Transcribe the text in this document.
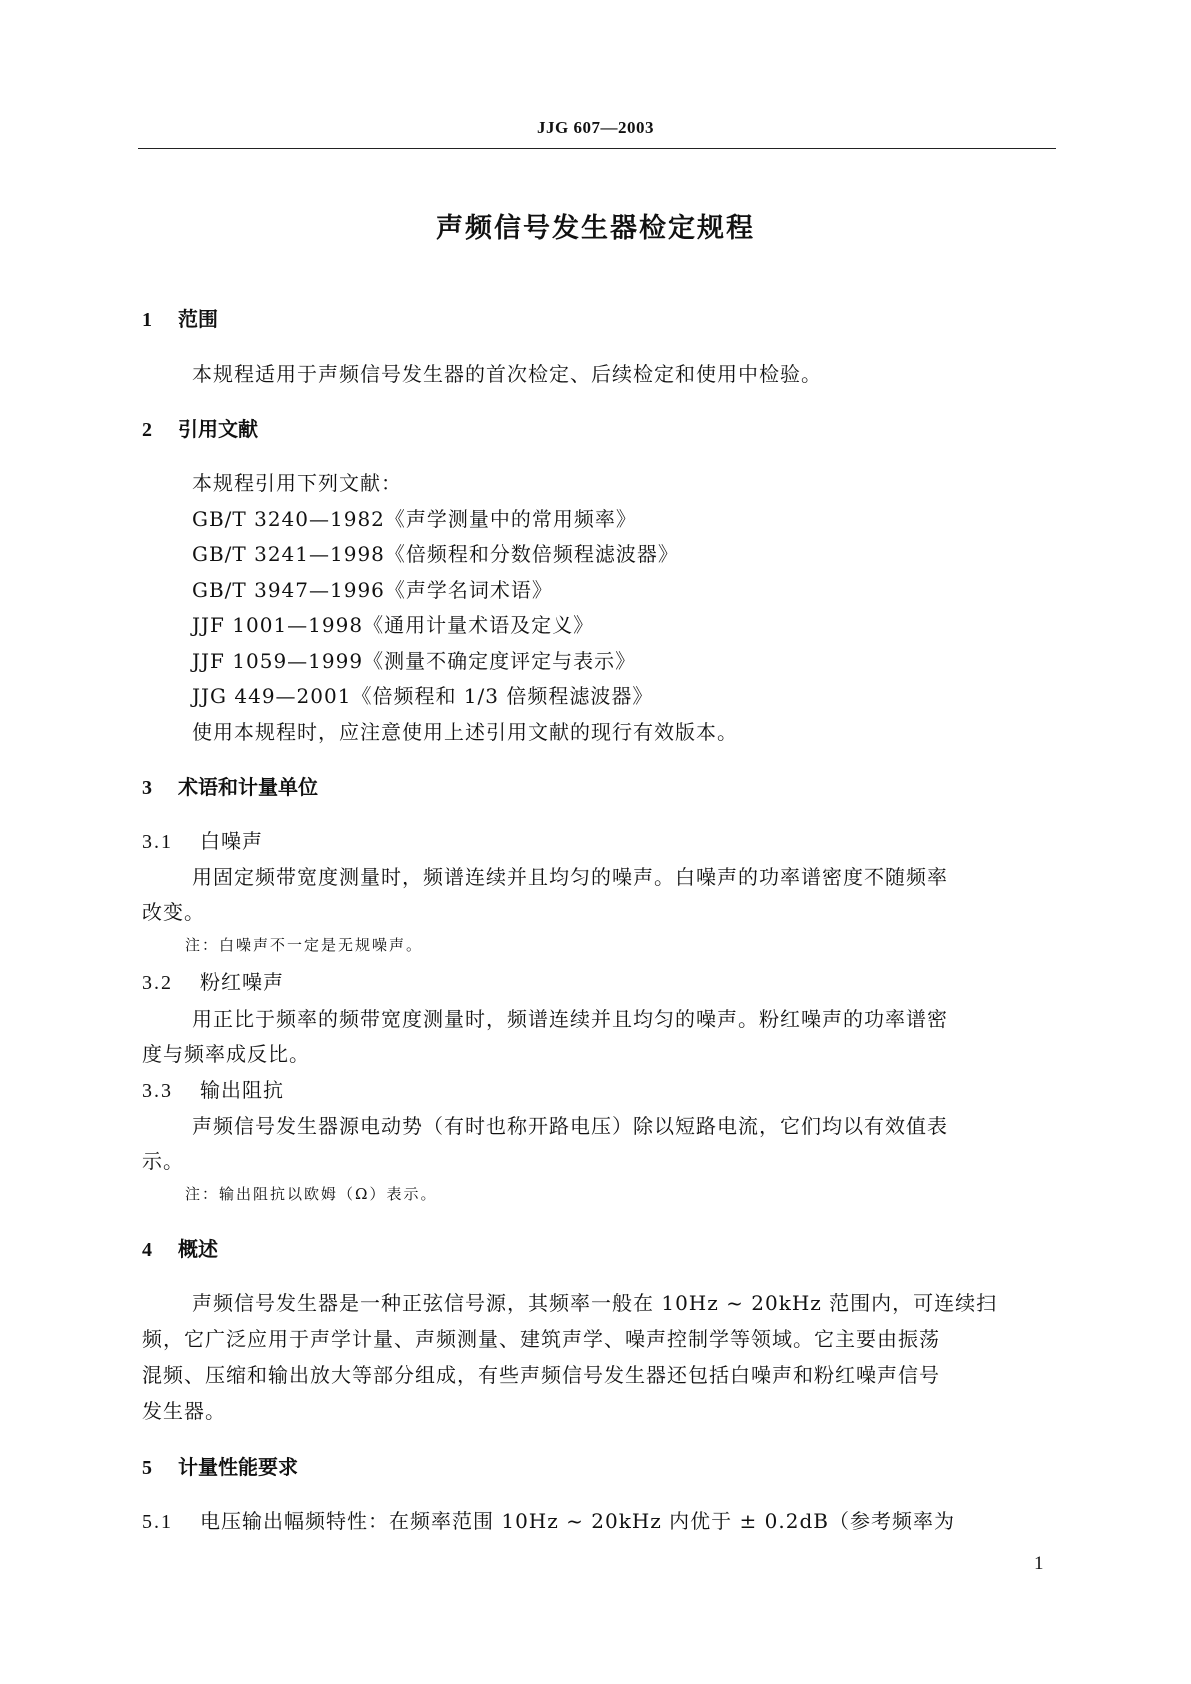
JJG 607—2003
声频信号发生器检定规程
1 范围
本规程适用于声频信号发生器的首次检定、后续检定和使用中检验。
2 引用文献
本规程引用下列文献：
GB/T 3240—1982《声学测量中的常用频率》
GB/T 3241—1998《倍频程和分数倍频程滤波器》
GB/T 3947—1996《声学名词术语》
JJF 1001—1998《通用计量术语及定义》
JJF 1059—1999《测量不确定度评定与表示》
JJG 449—2001《倍频程和 1/3 倍频程滤波器》
使用本规程时，应注意使用上述引用文献的现行有效版本。
3 术语和计量单位
3.1 白噪声
用固定频带宽度测量时，频谱连续并且均匀的噪声。白噪声的功率谱密度不随频率
改变。
注：白噪声不一定是无规噪声。
3.2 粉红噪声
用正比于频率的频带宽度测量时，频谱连续并且均匀的噪声。粉红噪声的功率谱密
度与频率成反比。
3.3 输出阻抗
声频信号发生器源电动势（有时也称开路电压）除以短路电流，它们均以有效值表
示。
注：输出阻抗以欧姆（Ω）表示。
4 概述
声频信号发生器是一种正弦信号源，其频率一般在 10Hz ~ 20kHz 范围内，可连续扫
频，它广泛应用于声学计量、声频测量、建筑声学、噪声控制学等领域。它主要由振荡
混频、压缩和输出放大等部分组成，有些声频信号发生器还包括白噪声和粉红噪声信号
发生器。
5 计量性能要求
5.1 电压输出幅频特性：在频率范围 10Hz ~ 20kHz 内优于 ± 0.2dB（参考频率为
1
